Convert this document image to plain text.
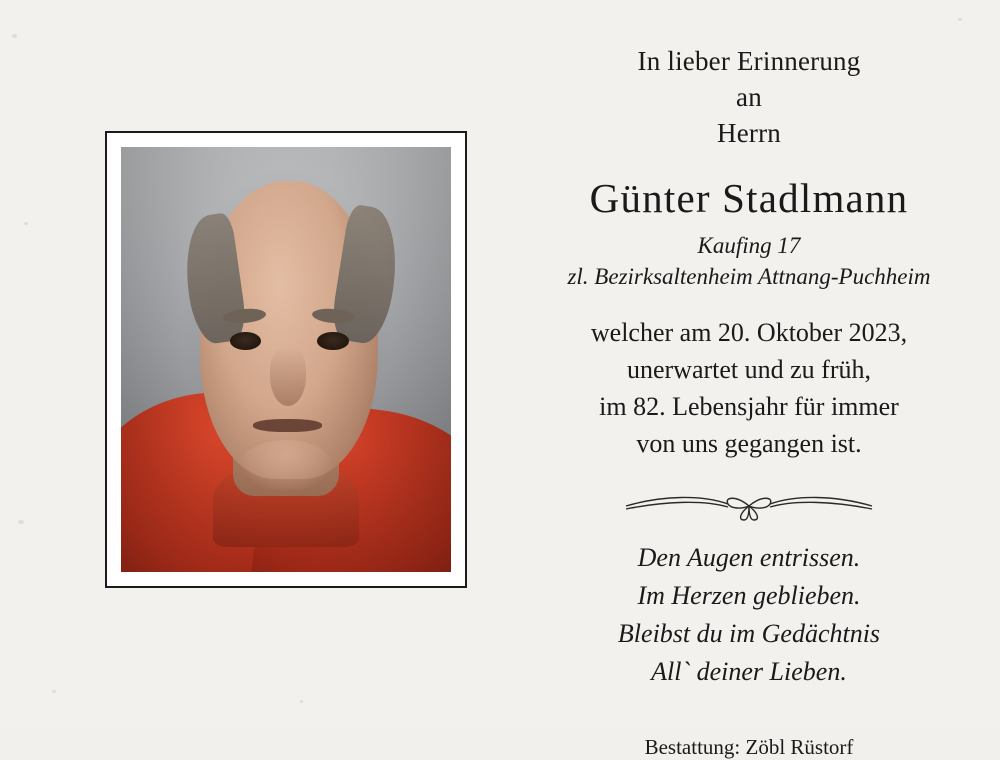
In lieber Erinnerung
an
Herrn
Günter Stadlmann
Kaufing 17
zl. Bezirksaltenheim Attnang-Puchheim
welcher am 20. Oktober 2023,
unerwartet und zu früh,
im 82. Lebensjahr für immer
von uns gegangen ist.
Den Augen entrissen.
Im Herzen geblieben.
Bleibst du im Gedächtnis
All` deiner Lieben.
Bestattung: Zöbl Rüstorf
